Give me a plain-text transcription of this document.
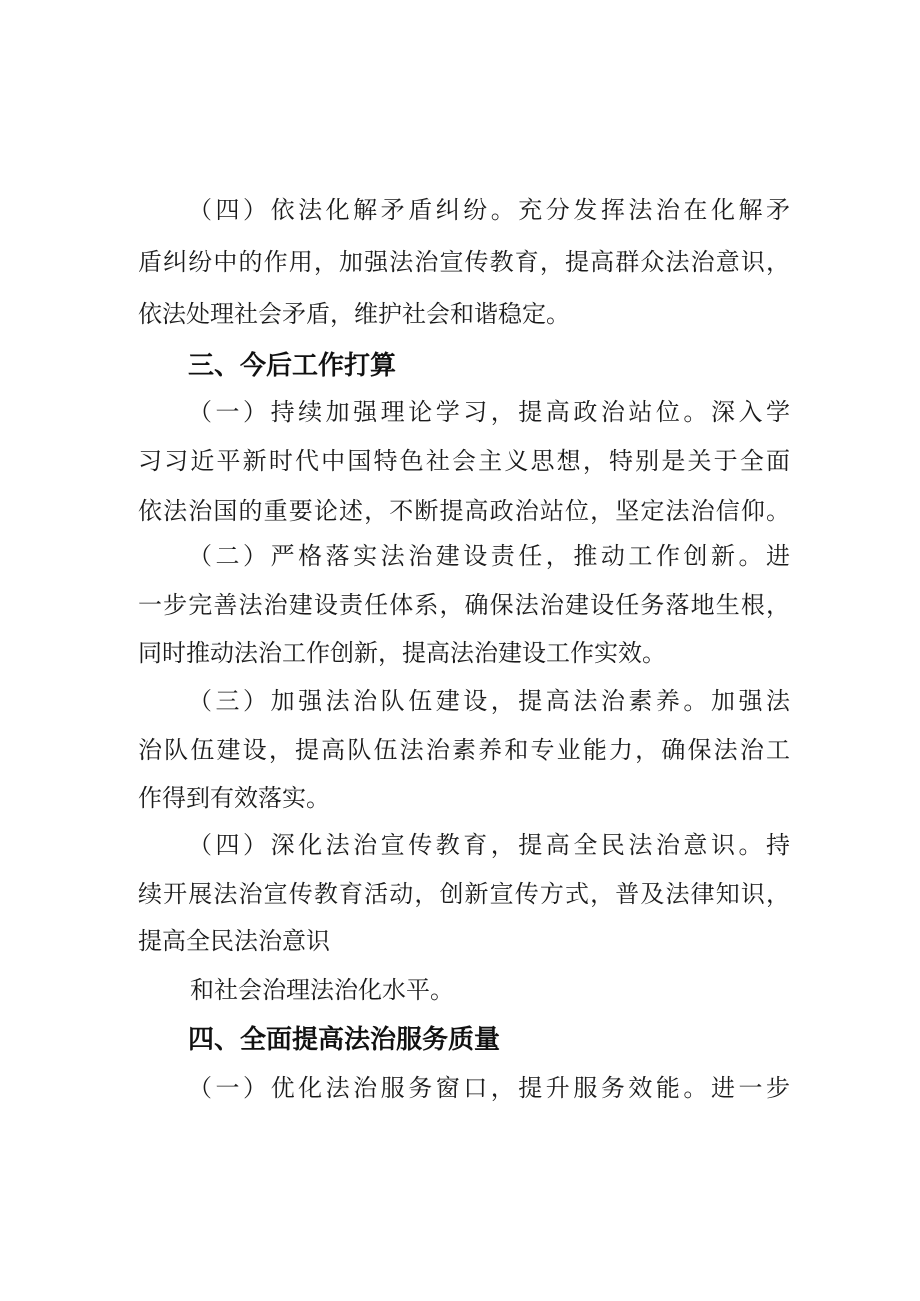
（四）依法化解矛盾纠纷。充分发挥法治在化解矛
盾纠纷中的作用，加强法治宣传教育，提高群众法治意识，
依法处理社会矛盾，维护社会和谐稳定。
三、今后工作打算
（一）持续加强理论学习，提高政治站位。深入学
习习近平新时代中国特色社会主义思想，特别是关于全面
依法治国的重要论述，不断提高政治站位，坚定法治信仰。
（二）严格落实法治建设责任，推动工作创新。进
一步完善法治建设责任体系，确保法治建设任务落地生根，
同时推动法治工作创新，提高法治建设工作实效。
（三）加强法治队伍建设，提高法治素养。加强法
治队伍建设，提高队伍法治素养和专业能力，确保法治工
作得到有效落实。
（四）深化法治宣传教育，提高全民法治意识。持
续开展法治宣传教育活动，创新宣传方式，普及法律知识，
提高全民法治意识
和社会治理法治化水平。
四、全面提高法治服务质量
（一）优化法治服务窗口，提升服务效能。进一步
